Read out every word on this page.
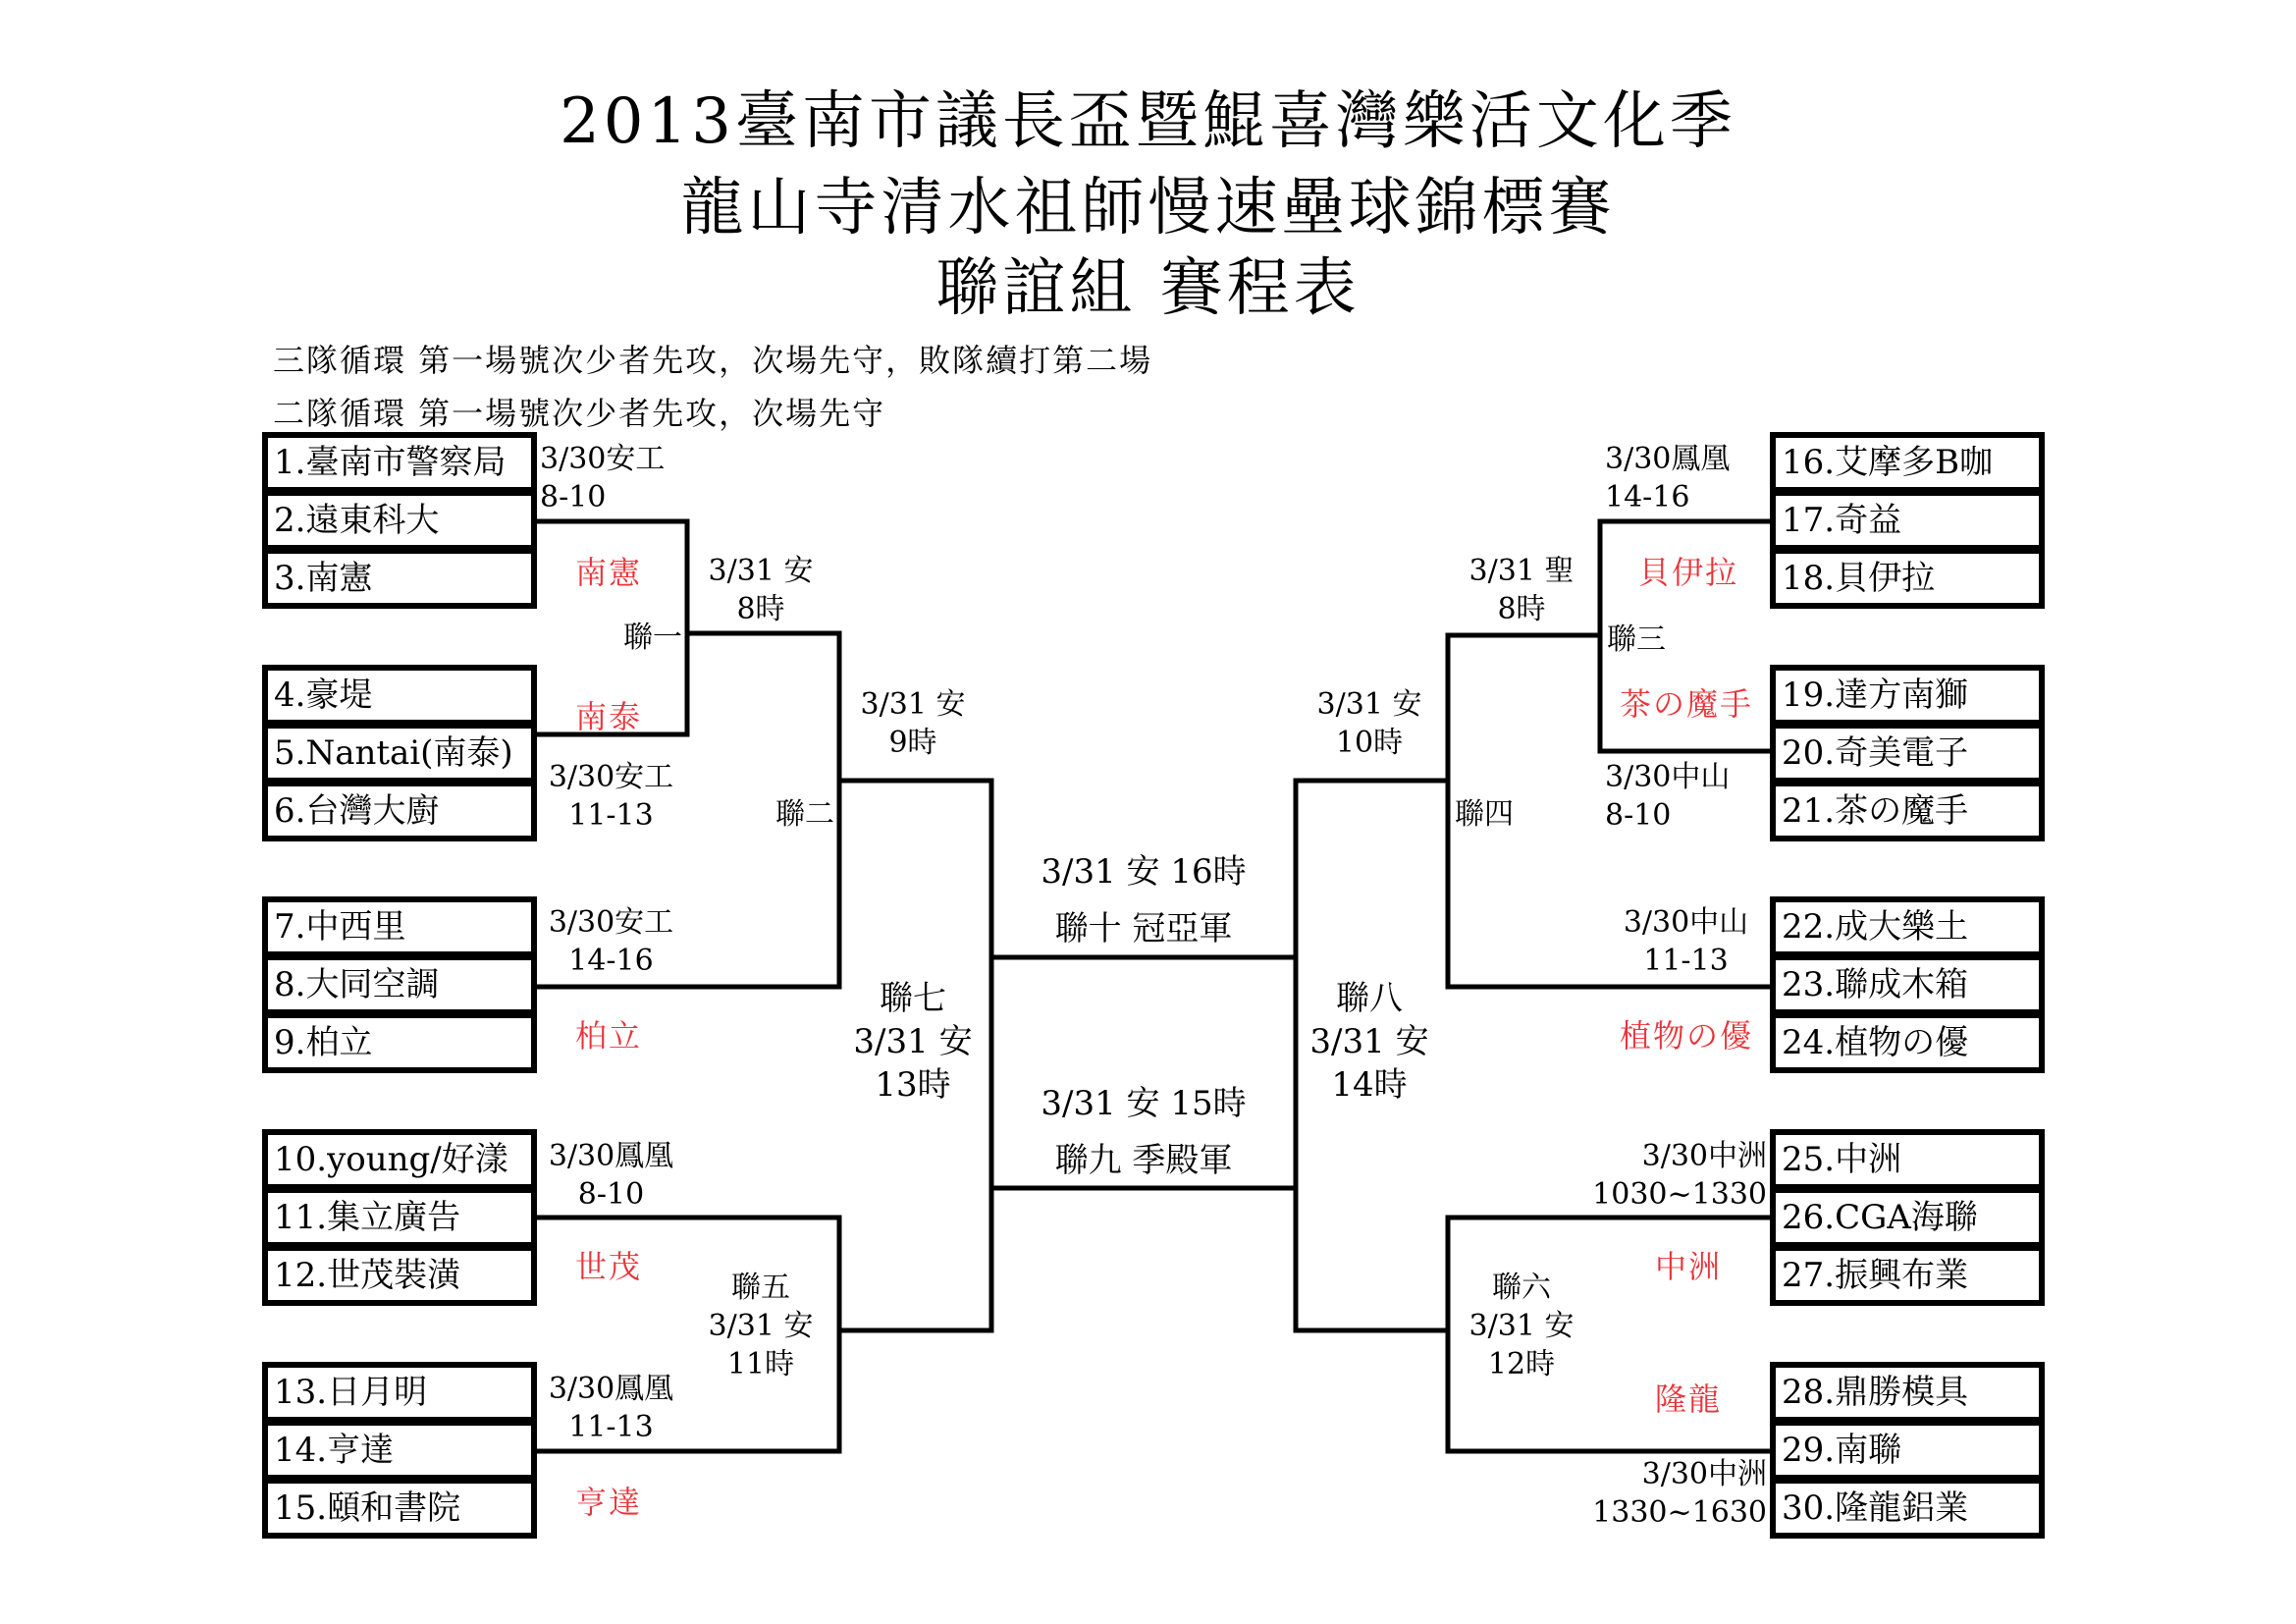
2013臺南市議長盃暨鯤喜灣樂活文化季
龍山寺清水祖師慢速壘球錦標賽
聯誼組 賽程表
三隊循環 第一場號次少者先攻，次場先守，敗隊續打第二場
二隊循環 第一場號次少者先攻，次場先守
1.臺南市警察局
2.遠東科大
3.南憲
4.豪堤
5.Nantai(南泰)
6.台灣大廚
7.中西里
8.大同空調
9.柏立
10.young/好漾
11.集立廣告
12.世茂裝潢
13.日月明
14.亨達
15.頤和書院
16.艾摩多B咖
17.奇益
18.貝伊拉
19.達方南獅
20.奇美電子
21.茶の魔手
22.成大樂土
23.聯成木箱
24.植物の優
25.中洲
26.CGA海聯
27.振興布業
28.鼎勝模具
29.南聯
30.隆龍鋁業
3/30安工
8-10
南憲
聯一
南泰
3/30安工
11-13
3/31 安
8時
3/31 安
9時
聯二
3/30安工
14-16
柏立
聯七
3/31 安
13時
3/30鳳凰
8-10
世茂
聯五
3/31 安
11時
3/30鳳凰
11-13
亨達
3/31 安 16時
聯十 冠亞軍
3/31 安 15時
聯九 季殿軍
3/30鳳凰
14-16
貝伊拉
3/31 聖
8時
聯三
茶の魔手
3/31 安
10時
3/30中山
8-10
聯四
3/30中山
11-13
植物の優
聯八
3/31 安
14時
3/30中洲
1030~1330
中洲
聯六
3/31 安
12時
隆龍
3/30中洲
1330~1630
